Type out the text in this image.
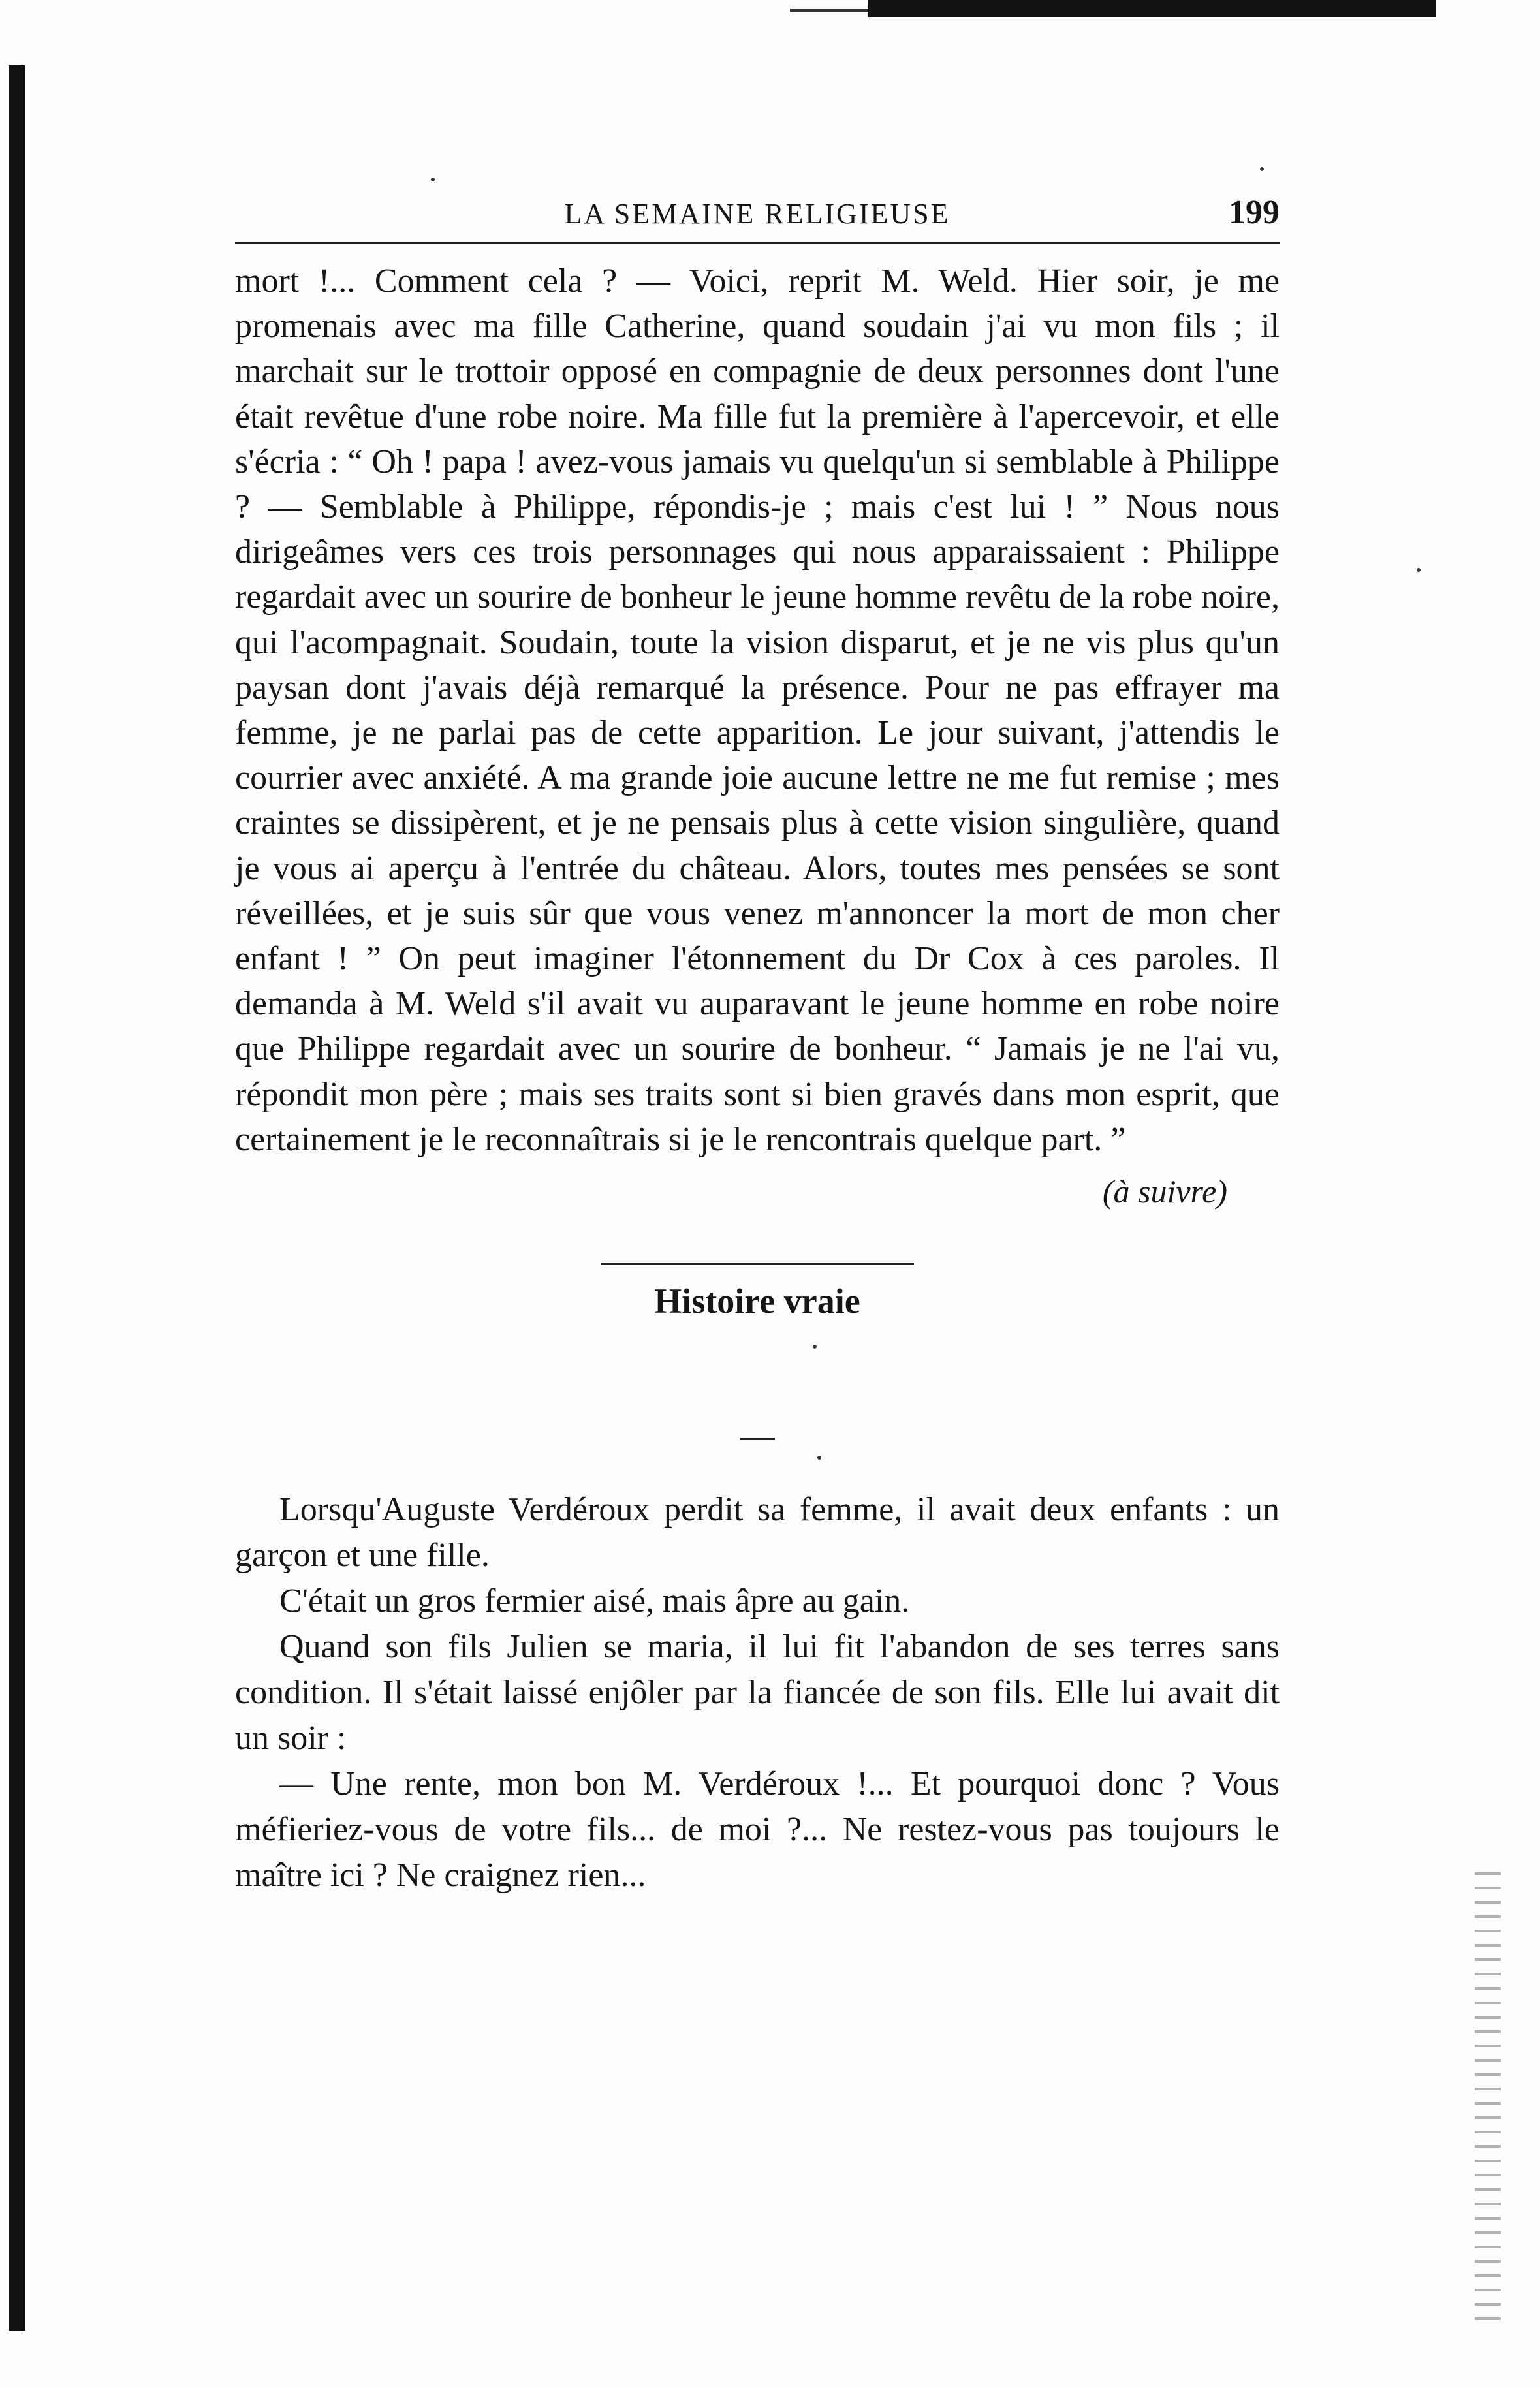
LA SEMAINE RELIGIEUSE	199

mort !... Comment cela ? — Voici, reprit M. Weld. Hier soir, je me promenais avec ma fille Catherine, quand soudain j'ai vu mon fils ; il marchait sur le trottoir opposé en compagnie de deux personnes dont l'une était revêtue d'une robe noire. Ma fille fut la première à l'apercevoir, et elle s'écria : “ Oh ! papa ! avez-vous jamais vu quelqu'un si semblable à Philippe ? — Semblable à Philippe, répondis-je ; mais c'est lui ! ” Nous nous dirigeâmes vers ces trois personnages qui nous apparaissaient : Philippe regardait avec un sourire de bonheur le jeune homme revêtu de la robe noire, qui l'acompagnait. Soudain, toute la vision disparut, et je ne vis plus qu'un paysan dont j'avais déjà remarqué la présence. Pour ne pas effrayer ma femme, je ne parlai pas de cette apparition. Le jour suivant, j'attendis le courrier avec anxiété. A ma grande joie aucune lettre ne me fut remise ; mes craintes se dissipèrent, et je ne pensais plus à cette vision singulière, quand je vous ai aperçu à l'entrée du château. Alors, toutes mes pensées se sont réveillées, et je suis sûr que vous venez m'annoncer la mort de mon cher enfant ! ” On peut imaginer l'étonnement du Dr Cox à ces paroles. Il demanda à M. Weld s'il avait vu auparavant le jeune homme en robe noire que Philippe regardait avec un sourire de bonheur. “ Jamais je ne l'ai vu, répondit mon père ; mais ses traits sont si bien gravés dans mon esprit, que certainement je le reconnaîtrais si je le rencontrais quelque part. ”

(à suivre)
Histoire vraie

Lorsqu'Auguste Verdéroux perdit sa femme, il avait deux enfants : un garçon et une fille.

C'était un gros fermier aisé, mais âpre au gain.

Quand son fils Julien se maria, il lui fit l'abandon de ses terres sans condition. Il s'était laissé enjôler par la fiancée de son fils. Elle lui avait dit un soir :

— Une rente, mon bon M. Verdéroux !... Et pourquoi donc ? Vous méfieriez-vous de votre fils... de moi ?... Ne restez-vous pas toujours le maître ici ? Ne craignez rien...
